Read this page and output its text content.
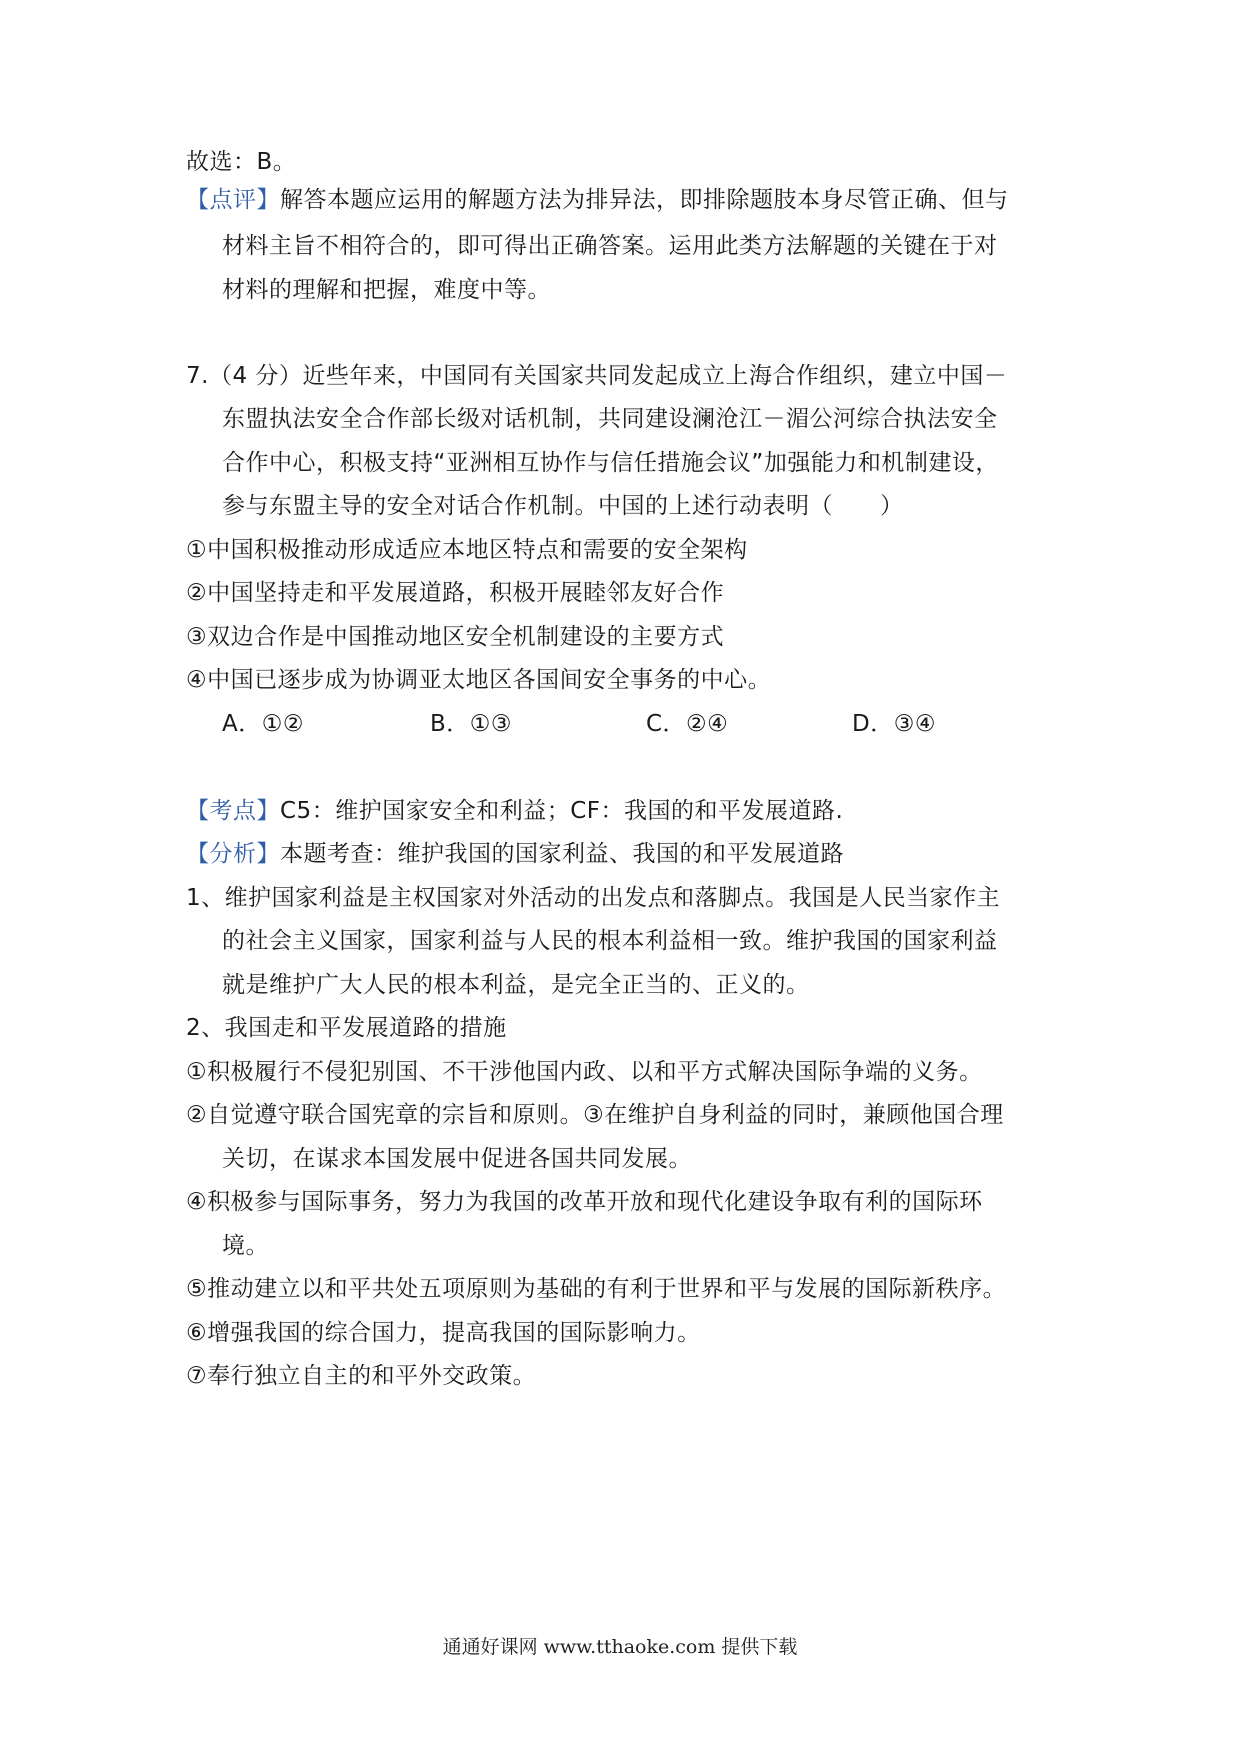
故选：B。
【点评】解答本题应运用的解题方法为排异法，即排除题肢本身尽管正确、但与
材料主旨不相符合的，即可得出正确答案。运用此类方法解题的关键在于对
材料的理解和把握，难度中等。
7.（4 分）近些年来，中国同有关国家共同发起成立上海合作组织，建立中国－
东盟执法安全合作部长级对话机制，共同建设澜沧江－湄公河综合执法安全
合作中心，积极支持“亚洲相互协作与信任措施会议”加强能力和机制建设，
参与东盟主导的安全对话合作机制。中国的上述行动表明（　　）
①中国积极推动形成适应本地区特点和需要的安全架构
②中国坚持走和平发展道路，积极开展睦邻友好合作
③双边合作是中国推动地区安全机制建设的主要方式
④中国已逐步成为协调亚太地区各国间安全事务的中心。
A．①②	B．①③	C．②④	D．③④
【考点】C5：维护国家安全和利益；CF：我国的和平发展道路.
【分析】本题考查：维护我国的国家利益、我国的和平发展道路
1、维护国家利益是主权国家对外活动的出发点和落脚点。我国是人民当家作主
的社会主义国家，国家利益与人民的根本利益相一致。维护我国的国家利益
就是维护广大人民的根本利益，是完全正当的、正义的。
2、我国走和平发展道路的措施
①积极履行不侵犯别国、不干涉他国内政、以和平方式解决国际争端的义务。
②自觉遵守联合国宪章的宗旨和原则。③在维护自身利益的同时，兼顾他国合理
关切，在谋求本国发展中促进各国共同发展。
④积极参与国际事务，努力为我国的改革开放和现代化建设争取有利的国际环
境。
⑤推动建立以和平共处五项原则为基础的有利于世界和平与发展的国际新秩序。
⑥增强我国的综合国力，提高我国的国际影响力。
⑦奉行独立自主的和平外交政策。
通通好课网 www.tthaoke.com 提供下载
